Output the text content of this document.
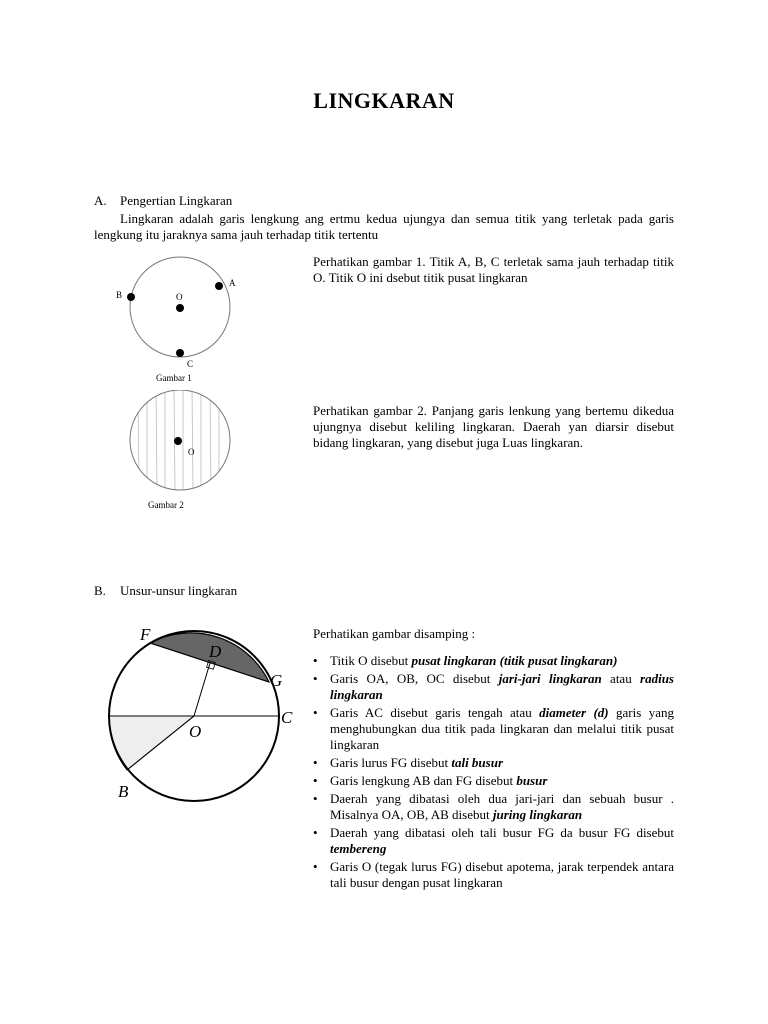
LINGKARAN
A. Pengertian Lingkaran
Lingkaran adalah garis lengkung ang ertmu kedua ujungya dan semua titik yang terletak pada garis lengkung itu jaraknya sama jauh terhadap titik tertentu
A
B	O
C
Gambar 1
Perhatikan gambar 1. Titik A, B, C terletak sama jauh terhadap titik O. Titik O ini dsebut titik pusat lingkaran
O
Gambar 2
Perhatikan gambar 2. Panjang garis lenkung yang bertemu dikedua ujungnya disebut keliling lingkaran. Daerah yan diarsir disebut bidang lingkaran, yang disebut juga Luas lingkaran.
B. Unsur-unsur lingkaran
F
D
G
C
O
B
Perhatikan gambar disamping :
• Titik O disebut pusat lingkaran (titik pusat lingkaran)
• Garis OA, OB, OC disebut jari-jari lingkaran atau radius lingkaran
• Garis AC disebut garis tengah atau diameter (d) garis yang menghubungkan dua titik pada lingkaran dan melalui titik pusat lingkaran
• Garis lurus FG disebut tali busur
• Garis lengkung AB dan FG disebut busur
• Daerah yang dibatasi oleh dua jari-jari dan sebuah busur . Misalnya OA, OB, AB disebut juring lingkaran
• Daerah yang dibatasi oleh tali busur FG da busur FG disebut tembereng
• Garis O (tegak lurus FG) disebut apotema, jarak terpendek antara tali busur dengan pusat lingkaran
